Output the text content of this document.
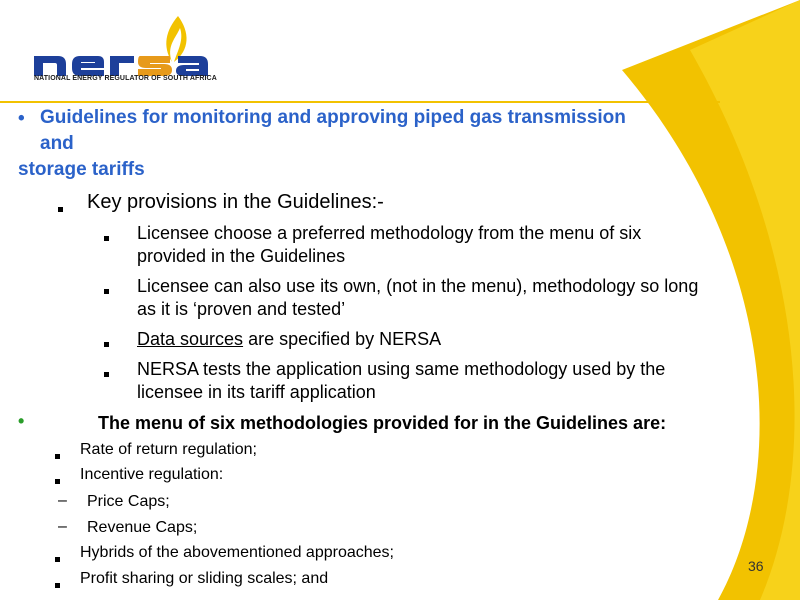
NATIONAL ENERGY REGULATOR OF SOUTH AFRICA
• Guidelines for monitoring and approving piped gas transmission
and
storage tariffs
Key provisions in the Guidelines:-
Licensee choose a preferred methodology from the menu of six
provided in the Guidelines
Licensee can also use its own, (not in the menu), methodology so long
as it is ‘proven and tested’
Data sources are specified by NERSA
NERSA tests the application using same methodology used by the
licensee in its tariff application
•	The menu of six methodologies provided for in the Guidelines are:
Rate of return regulation;
Incentive regulation:
– Price Caps;
– Revenue Caps;
Hybrids of the abovementioned approaches;
Profit sharing or sliding scales; and
36
